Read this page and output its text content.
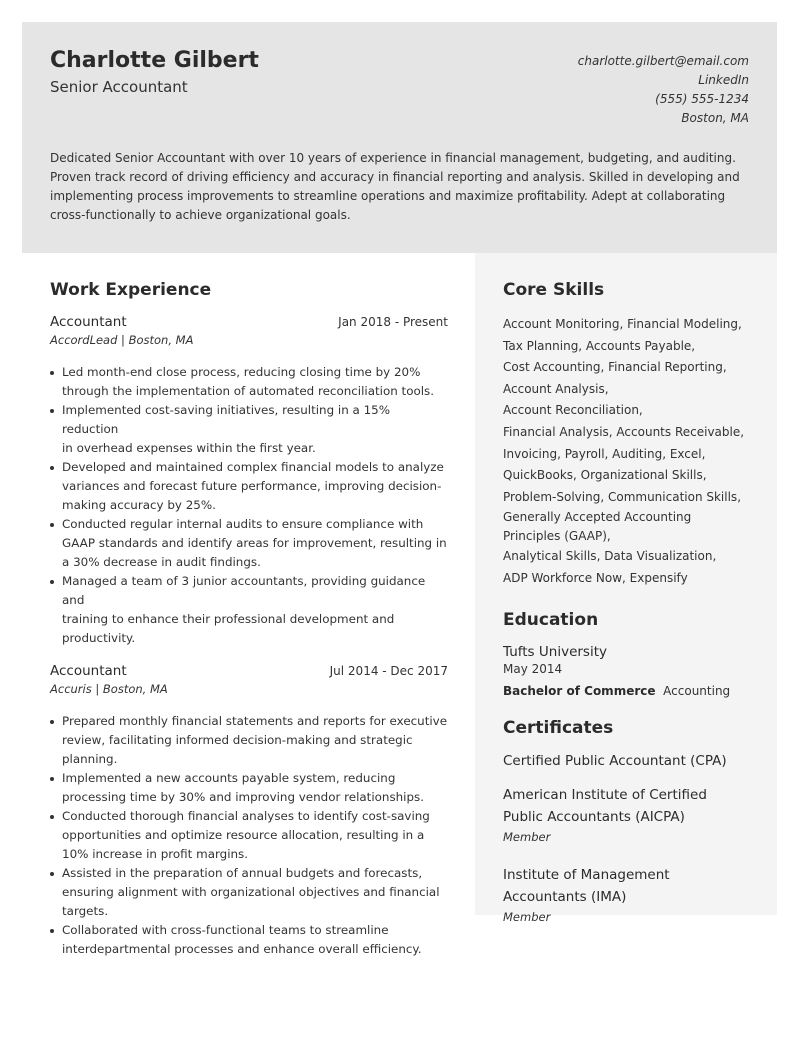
Charlotte Gilbert
Senior Accountant
charlotte.gilbert@email.com
LinkedIn
(555) 555-1234
Boston, MA
Dedicated Senior Accountant with over 10 years of experience in financial management, budgeting, and auditing.
Proven track record of driving efficiency and accuracy in financial reporting and analysis. Skilled in developing and
implementing process improvements to streamline operations and maximize profitability. Adept at collaborating
cross-functionally to achieve organizational goals.
Work Experience
Accountant	Jan 2018 - Present
AccordLead | Boston, MA
Led month-end close process, reducing closing time by 20%
through the implementation of automated reconciliation tools.
Implemented cost-saving initiatives, resulting in a 15% reduction
in overhead expenses within the first year.
Developed and maintained complex financial models to analyze
variances and forecast future performance, improving decision-
making accuracy by 25%.
Conducted regular internal audits to ensure compliance with
GAAP standards and identify areas for improvement, resulting in
a 30% decrease in audit findings.
Managed a team of 3 junior accountants, providing guidance and
training to enhance their professional development and
productivity.
Accountant	Jul 2014 - Dec 2017
Accuris | Boston, MA
Prepared monthly financial statements and reports for executive
review, facilitating informed decision-making and strategic
planning.
Implemented a new accounts payable system, reducing
processing time by 30% and improving vendor relationships.
Conducted thorough financial analyses to identify cost-saving
opportunities and optimize resource allocation, resulting in a
10% increase in profit margins.
Assisted in the preparation of annual budgets and forecasts,
ensuring alignment with organizational objectives and financial
targets.
Collaborated with cross-functional teams to streamline
interdepartmental processes and enhance overall efficiency.
Core Skills
Account Monitoring, Financial Modeling,
Tax Planning, Accounts Payable,
Cost Accounting, Financial Reporting,
Account Analysis,
Account Reconciliation,
Financial Analysis, Accounts Receivable,
Invoicing, Payroll, Auditing, Excel,
QuickBooks, Organizational Skills,
Problem-Solving, Communication Skills,
Generally Accepted Accounting
Principles (GAAP),
Analytical Skills, Data Visualization,
ADP Workforce Now, Expensify
Education
Tufts University
May 2014
Bachelor of Commerce Accounting
Certificates
Certified Public Accountant (CPA)
American Institute of Certified
Public Accountants (AICPA)
Member
Institute of Management
Accountants (IMA)
Member
